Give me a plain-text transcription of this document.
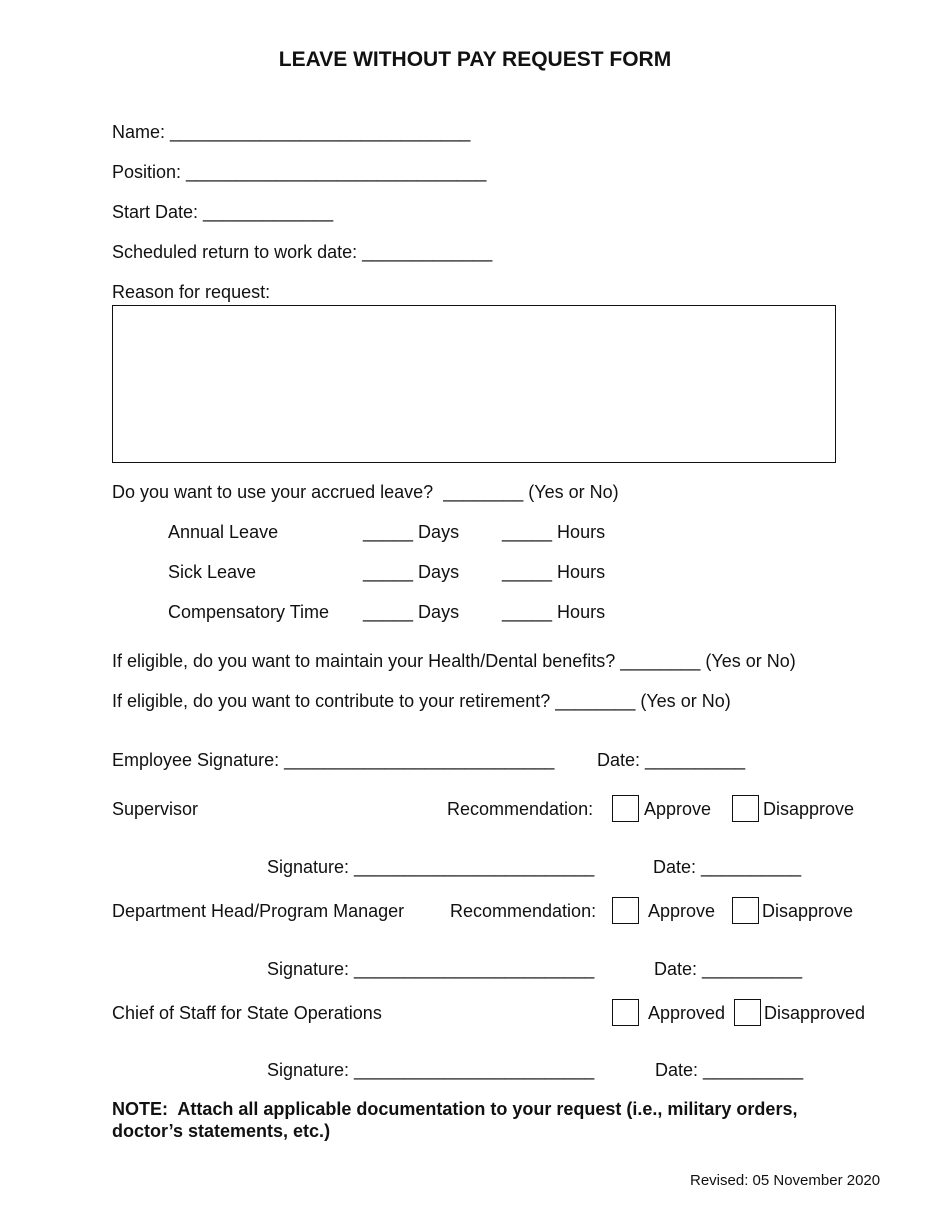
LEAVE WITHOUT PAY REQUEST FORM
Name: ______________________________
Position: ______________________________
Start Date: _____________
Scheduled return to work date: _____________
Reason for request:
Do you want to use your accrued leave?  ________ (Yes or No)
Annual Leave	_____ Days _____ Hours
Sick Leave	_____ Days _____ Hours
Compensatory Time _____ Days _____ Hours
If eligible, do you want to maintain your Health/Dental benefits? ________ (Yes or No)
If eligible, do you want to contribute to your retirement? ________ (Yes or No)
Employee Signature: ___________________________ Date: __________
Supervisor	Recommendation:	Approve	Disapprove
Signature: ________________________	Date: __________
Department Head/Program Manager	Recommendation:	Approve	Disapprove
Signature: ________________________	Date: __________
Chief of Staff for State Operations	Approved Disapproved
Signature: ________________________	Date: __________
NOTE:  Attach all applicable documentation to your request (i.e., military orders,
doctor’s statements, etc.)
Revised: 05 November 2020
